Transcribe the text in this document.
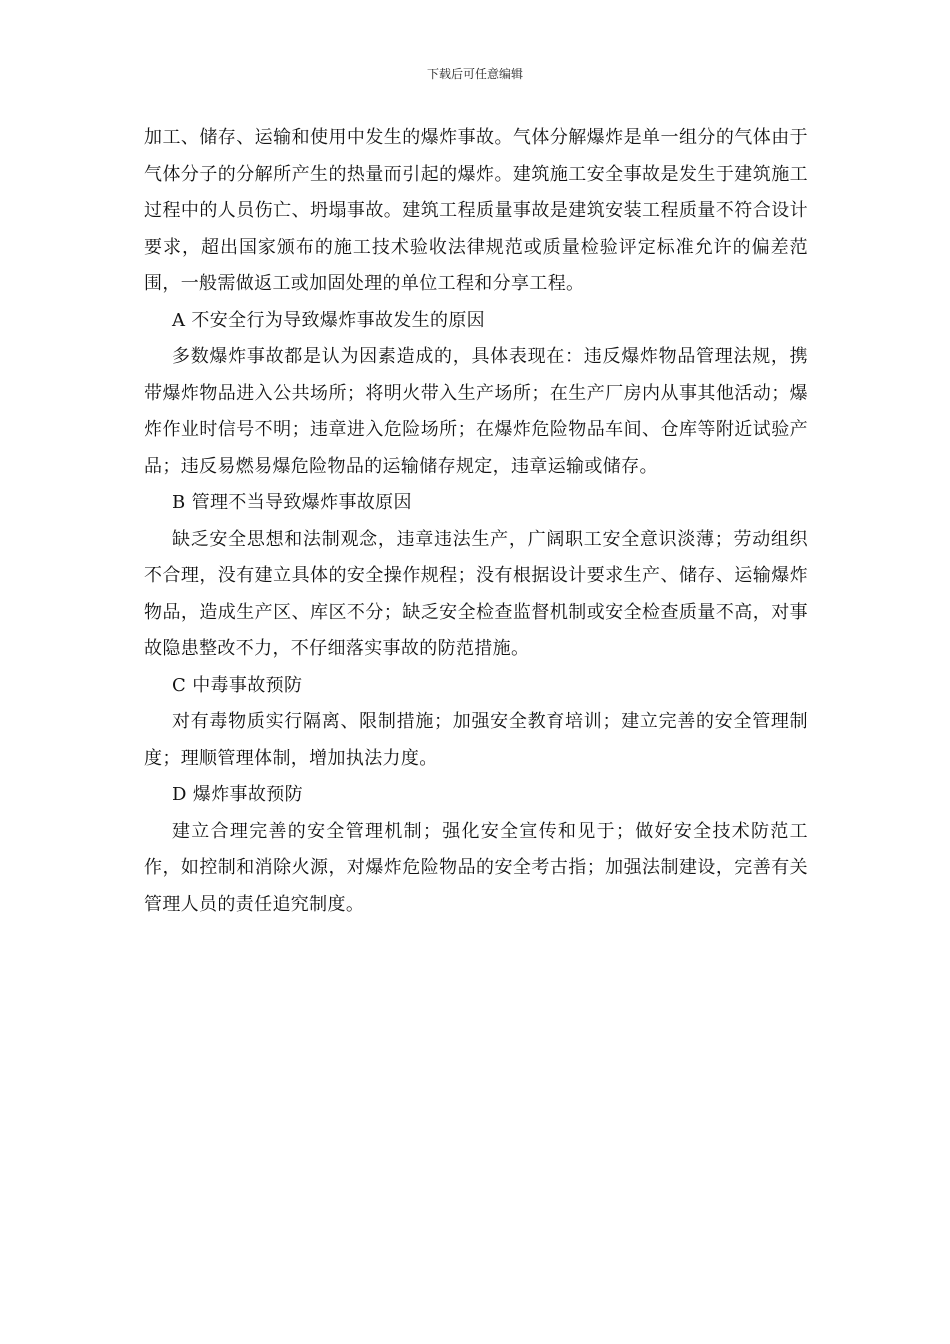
下载后可任意编辑

加工、储存、运输和使用中发生的爆炸事故。气体分解爆炸是单一组分的气体由于气体分子的分解所产生的热量而引起的爆炸。建筑施工安全事故是发生于建筑施工过程中的人员伤亡、坍塌事故。建筑工程质量事故是建筑安装工程质量不符合设计要求，超出国家颁布的施工技术验收法律规范或质量检验评定标准允许的偏差范围，一般需做返工或加固处理的单位工程和分享工程。

A 不安全行为导致爆炸事故发生的原因

多数爆炸事故都是认为因素造成的，具体表现在：违反爆炸物品管理法规，携带爆炸物品进入公共场所；将明火带入生产场所；在生产厂房内从事其他活动；爆炸作业时信号不明；违章进入危险场所；在爆炸危险物品车间、仓库等附近试验产品；违反易燃易爆危险物品的运输储存规定，违章运输或储存。

B 管理不当导致爆炸事故原因

缺乏安全思想和法制观念，违章违法生产，广阔职工安全意识淡薄；劳动组织不合理，没有建立具体的安全操作规程；没有根据设计要求生产、储存、运输爆炸物品，造成生产区、库区不分；缺乏安全检查监督机制或安全检查质量不高，对事故隐患整改不力，不仔细落实事故的防范措施。

C 中毒事故预防

对有毒物质实行隔离、限制措施；加强安全教育培训；建立完善的安全管理制度；理顺管理体制，增加执法力度。

D 爆炸事故预防

建立合理完善的安全管理机制；强化安全宣传和见于；做好安全技术防范工作，如控制和消除火源，对爆炸危险物品的安全考古指；加强法制建设，完善有关管理人员的责任追究制度。
